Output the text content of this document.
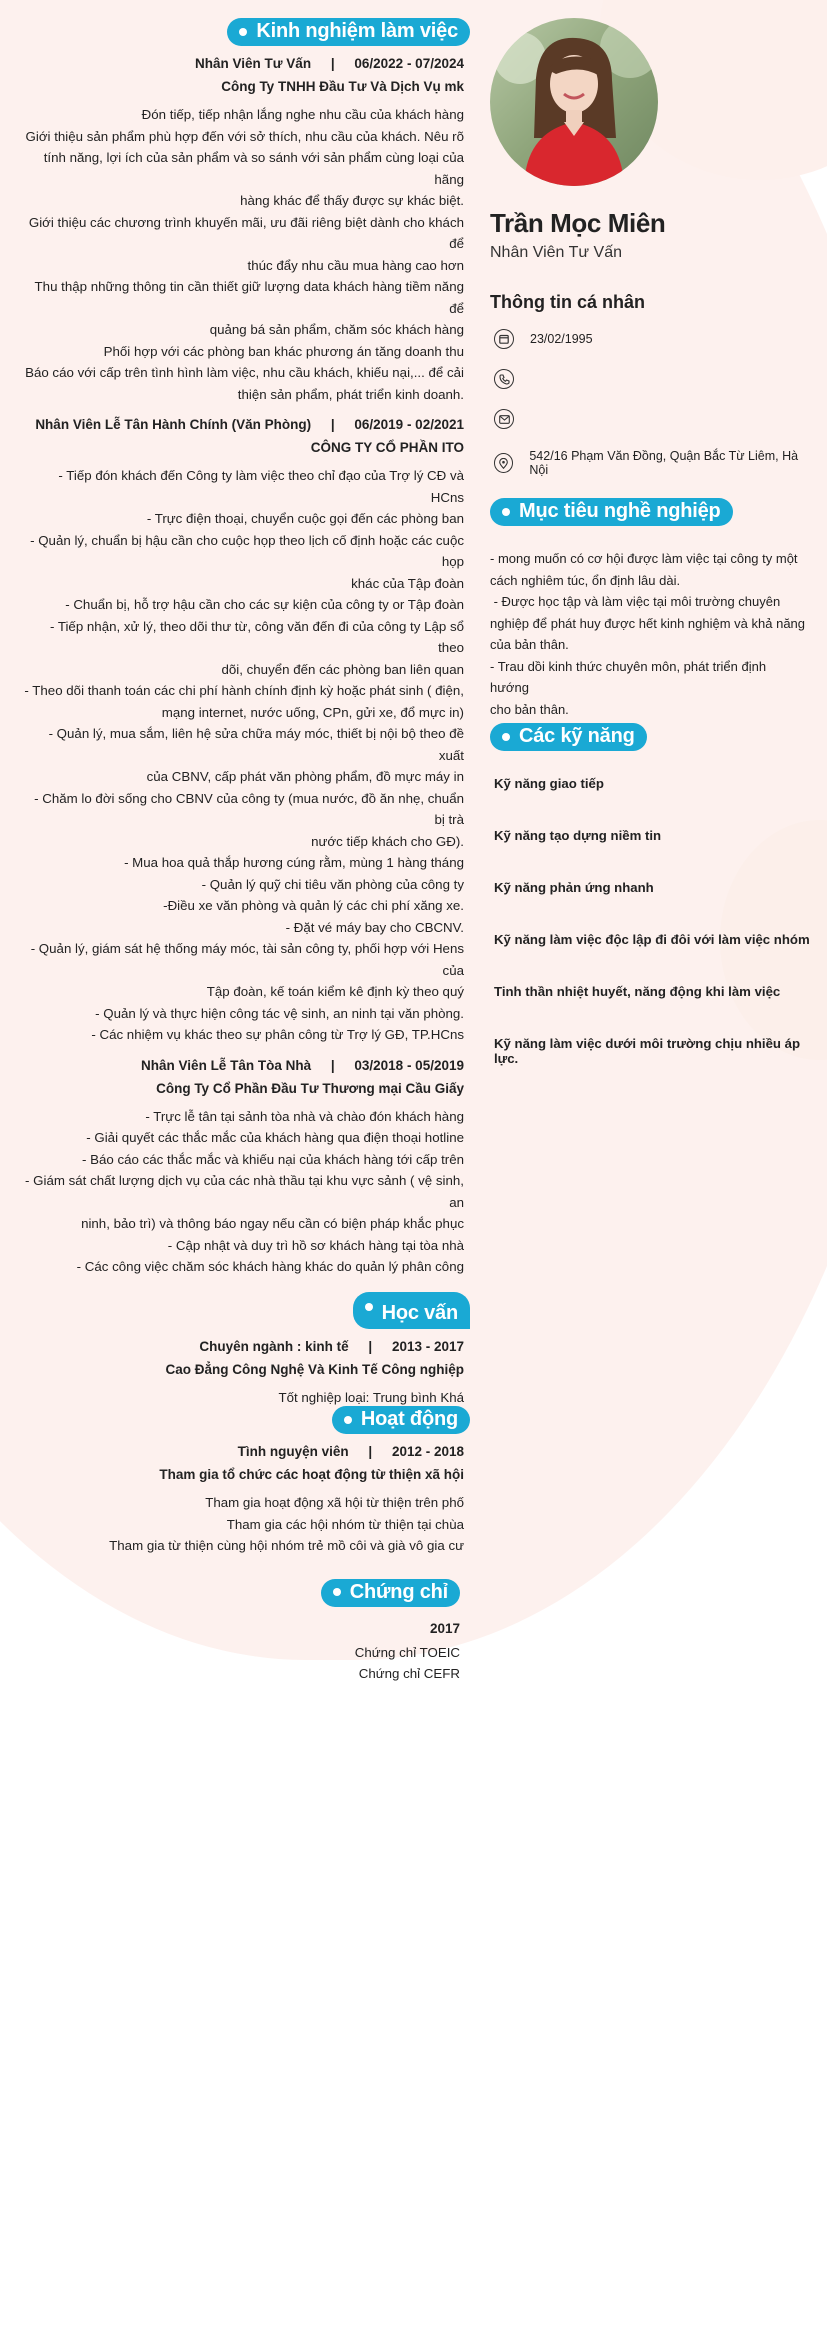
Kinh nghiệm làm việc
Nhân Viên Tư Vấn | 06/2022 - 07/2024
Công Ty TNHH Đầu Tư Và Dịch Vụ mk
Đón tiếp, tiếp nhận lắng nghe nhu cầu của khách hàng
Giới thiệu sản phẩm phù hợp đến với sở thích, nhu cầu của khách. Nêu rõ
tính năng, lợi ích của sản phẩm và so sánh với sản phẩm cùng loại của hãng
hàng khác để thấy được sự khác biệt.
Giới thiệu các chương trình khuyến mãi, ưu đãi riêng biệt dành cho khách để
thúc đẩy nhu cầu mua hàng cao hơn
Thu thập những thông tin cần thiết giữ lượng data khách hàng tiềm năng để
quảng bá sản phẩm, chăm sóc khách hàng
Phối hợp với các phòng ban khác phương án tăng doanh thu
Báo cáo với cấp trên tình hình làm việc, nhu cầu khách, khiếu nại,... để cải
thiện sản phẩm, phát triển kinh doanh.
Nhân Viên Lễ Tân Hành Chính (Văn Phòng) | 06/2019 - 02/2021
CÔNG TY CỔ PHẦN ITO
- Tiếp đón khách đến Công ty làm việc theo chỉ đạo của Trợ lý CĐ và HCns
- Trực điện thoại, chuyển cuộc gọi đến các phòng ban
- Quản lý, chuẩn bị hậu cần cho cuộc họp theo lịch cố định hoặc các cuộc họp
khác của Tập đoàn
- Chuẩn bị, hỗ trợ hậu cần cho các sự kiện của công ty or Tập đoàn
- Tiếp nhận, xử lý, theo dõi thư từ, công văn đến đi của công ty Lập sổ theo
dõi, chuyển đến các phòng ban liên quan
- Theo dõi thanh toán các chi phí hành chính định kỳ hoặc phát sinh ( điện,
mạng internet, nước uống, CPn, gửi xe, đổ mực in)
- Quản lý, mua sắm, liên hệ sửa chữa máy móc, thiết bị nội bộ theo đề xuất
của CBNV, cấp phát văn phòng phẩm, đồ mực máy in
- Chăm lo đời sống cho CBNV của công ty (mua nước, đồ ăn nhẹ, chuẩn bị trà
nước tiếp khách cho GĐ).
- Mua hoa quả thắp hương cúng rằm, mùng 1 hàng tháng
- Quản lý quỹ chi tiêu văn phòng của công ty
-Điều xe văn phòng và quản lý các chi phí xăng xe.
- Đặt vé máy bay cho CBCNV.
- Quản lý, giám sát hệ thống máy móc, tài sản công ty, phối hợp với Hens của
Tập đoàn, kế toán kiểm kê định kỳ theo quý
- Quản lý và thực hiện công tác vệ sinh, an ninh tại văn phòng.
- Các nhiệm vụ khác theo sự phân công từ Trợ lý GĐ, TP.HCns
Nhân Viên Lễ Tân Tòa Nhà | 03/2018 - 05/2019
Công Ty Cổ Phần Đầu Tư Thương mại Cầu Giấy
- Trực lễ tân tại sảnh tòa nhà và chào đón khách hàng
- Giải quyết các thắc mắc của khách hàng qua điện thoại hotline
- Báo cáo các thắc mắc và khiếu nại của khách hàng tới cấp trên
- Giám sát chất lượng dịch vụ của các nhà thầu tại khu vực sảnh ( vệ sinh, an
ninh, bảo trì) và thông báo ngay nếu cần có biện pháp khắc phục
- Cập nhật và duy trì hồ sơ khách hàng tại tòa nhà
- Các công việc chăm sóc khách hàng khác do quản lý phân công
Học vấn
Chuyên ngành : kinh tế | 2013 - 2017
Cao Đẳng Công Nghệ Và Kinh Tế Công nghiệp
Tốt nghiệp loại: Trung bình Khá
Hoạt động
Tình nguyện viên | 2012 - 2018
Tham gia tổ chức các hoạt động từ thiện xã hội
Tham gia hoạt động xã hội từ thiện trên phố
Tham gia các hội nhóm từ thiện tại chùa
Tham gia từ thiện cùng hội nhóm trẻ mồ côi và già vô gia cư
Chứng chỉ
2017
Chứng chỉ TOEIC
Chứng chỉ CEFR
Trần Mọc Miên
Nhân Viên Tư Vấn
Thông tin cá nhân
23/02/1995
542/16 Phạm Văn Đồng, Quận Bắc Từ Liêm, Hà Nội
Mục tiêu nghề nghiệp
- mong muốn có cơ hội được làm việc tại công ty một
cách nghiêm túc, ổn định lâu dài.
- Được học tập và làm việc tại môi trường chuyên
nghiệp để phát huy được hết kinh nghiệm và khả năng
của bản thân.
- Trau dồi kinh thức chuyên môn, phát triển định hướng
cho bản thân.
Các kỹ năng
Kỹ năng giao tiếp
Kỹ năng tạo dựng niềm tin
Kỹ năng phản ứng nhanh
Kỹ năng làm việc độc lập đi đôi với làm việc nhóm
Tinh thần nhiệt huyết, năng động khi làm việc
Kỹ năng làm việc dưới môi trường chịu nhiều áp lực.
